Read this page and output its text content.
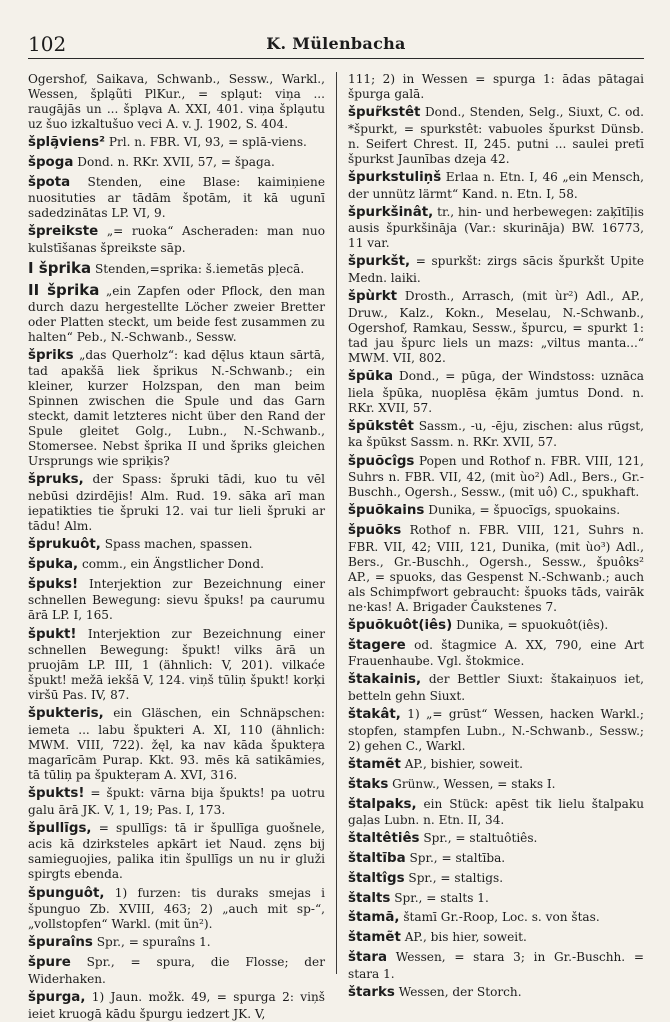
102	K. Mülenbacha

Ogershof, Saikava, Schwanb., Sessw., Warkl., Wessen, špla̧ũti PlKur., = spla̧ut: viņa ... raugājās un ... špla̧va A. XXI, 401. viņa špla̧utu uz šuo izkaltušuo veci A. v. J. 1902, S. 404.

šplã̧viens² Prl. n. FBR. VI, 93, = splā-viens.

špoga Dond. n. RKr. XVII, 57, = špaga.

špota Stenden, eine Blase: kaimiņiene nuosituties ar tādām špotām, it kā ugunī sadedzinātas LP. VI, 9.

špreikste „= ruoka“ Ascheraden: man nuo kulstīšanas špreikste sāp.

I šprika Stenden,=sprika: š.iemetās pļecā.

II šprika „ein Zapfen oder Pflock, den man durch dazu hergestellte Löcher zweier Bretter oder Platten steckt, um beide fest zusammen zu halten“ Peb., N.-Schwanb., Sessw.

špriks „das Querholz“: kad dę̄lus ktaun sārtā, tad apakšā liek šprikus N.-Schwanb.; ein kleiner, kurzer Holzspan, den man beim Spinnen zwischen die Spule und das Garn steckt, damit letzteres nicht über den Rand der Spule gleitet Golg., Lubn., N.-Schwanb., Stomersee. Nebst šprika II und špriks gleichen Ursprungs wie spriķis?

špruks, der Spass: špruki tādi, kuo tu vēl nebūsi dzirdējis! Alm. Rud. 19. sāka arī man iepatikties tie špruki 12. vai tur lieli špruki ar tādu! Alm.

šprukuôt, Spass machen, spassen.

špuka, comm., ein Ängstlicher Dond.

špuks! Interjektion zur Bezeichnung einer schnellen Bewegung: sievu špuks! pa caurumu ārā LP. I, 165.

špukt! Interjektion zur Bezeichnung einer schnellen Bewegung: špukt! vilks ārā un pruojām LP. III, 1 (ähnlich: V, 201). vilkaće špukt! mežā iekšā V, 124. viņš tūliņ špukt! korķi viršū Pas. IV, 87.

špukteris, ein Gläschen, ein Schnäpschen: iemeta ... labu špukteri A. XI, 110 (ähnlich: MWM. VIII, 722). žęl, ka nav kāda špukteŗa magarīcām Purap. Kkt. 93. mēs kā satikāmies, tā tūliņ pa špukteŗam A. XVI, 316.

špukts! = špukt: vārna bija špukts! pa uotru galu ārā JK. V, 1, 19; Pas. I, 173.

špullīgs, = spullīgs: tā ir špullīga guošnele, acis kā dzirksteles apkārt iet Naud. zęns bij samieguojies, palika itin špullīgs un nu ir gluži spirgts ebenda.

špunguôt, 1) furzen: tis duraks smejas i špunguo Zb. XVIII, 463; 2) „auch mit sp-“, „vollstopfen“ Warkl. (mit ũn²).

špuraîns Spr., = spuraîns 1.

špure Spr., = spura, die Flosse; der Widerhaken.

špurga, 1) Jaun. možk. 49, = spurga 2: viņš ieiet kruogā kādu špurgu iedzert JK. V,

111; 2) in Wessen = spurga 1: ādas pātagai špurga galā.

špur̃kstêt Dond., Stenden, Selg., Siuxt, C. od. *špurkt, = spurkstêt: vabuoles špurkst Dünsb. n. Seifert Chrest. II, 245. putni ... saulei pretī špurkst Jaunības dzeja 42.

špurkstuliņš Erlaa n. Etn. I, 46 „ein Mensch, der unnütz lärmt“ Kand. n. Etn. I, 58.

špurkšinât, tr., hin- und herbewegen: zaķītīļis ausis špurkšināja (Var.: skurināja) BW. 16773, 11 var.

špurkšt, = spurkšt: zirgs sācis špurkšt Upite Medn. laiki.

špùrkt Drosth., Arrasch, (mit ùr²) Adl., AP., Druw., Kalz., Kokn., Meselau, N.-Schwanb., Ogershof, Ramkau, Sessw., špurcu, = spurkt 1: tad jau špurc liels un mazs: „viltus manta...“ MWM. VII, 802.

špũka Dond., = pūga, der Windstoss: uznāca liela špūka, nuoplēsa ē̦kām jumtus Dond. n. RKr. XVII, 57.

špũkstêt Sassm., -u, -ēju, zischen: alus rūgst, ka špūkst Sassm. n. RKr. XVII, 57.

špuõcîgs Popen und Rothof n. FBR. VIII, 121, Suhrs n. FBR. VII, 42, (mit ùo²) Adl., Bers., Gr.-Buschh., Ogersh., Sessw., (mit uô) C., spukhaft.

špuõkains Dunika, = špuocīgs, spuokains.

špuõks Rothof n. FBR. VIII, 121, Suhrs n. FBR. VII, 42; VIII, 121, Dunika, (mit ùo³) Adl., Bers., Gr.-Buschh., Ogersh., Sessw., špuôks² AP., = spuoks, das Gespenst N.-Schwanb.; auch als Schimpfwort gebraucht: špuoks tāds, vairāk ne·kas! A. Brigader Čaukstenes 7.

špuõkuôt(iês) Dunika, = spuokuôt(iês).

štagere od. štagmice A. XX, 790, eine Art Frauenhaube. Vgl. štokmice.

štakainis, der Bettler Siuxt: štakaiņuos iet, betteln gehn Siuxt.

štakât, 1) „= grūst“ Wessen, hacken Warkl.; stopfen, stampfen Lubn., N.-Schwanb., Sessw.; 2) gehen C., Warkl.

štamẽt AP., bishier, soweit.

štaks Grünw., Wessen, = staks I.

štalpaks, ein Stück: apēst tik lielu štalpaku gaļas Lubn. n. Etn. II, 34.

štaltêtiês Spr., = staltuôtiês.

štaltība Spr., = staltība.

štaltîgs Spr., = staltigs.

štalts Spr., = stalts 1.

štamā, štamī Gr.-Roop, Loc. s. von štas.

štamẽt AP., bis hier, soweit.

štara Wessen, = stara 3; in Gr.-Buschh. = stara 1.

štarks Wessen, der Storch.
